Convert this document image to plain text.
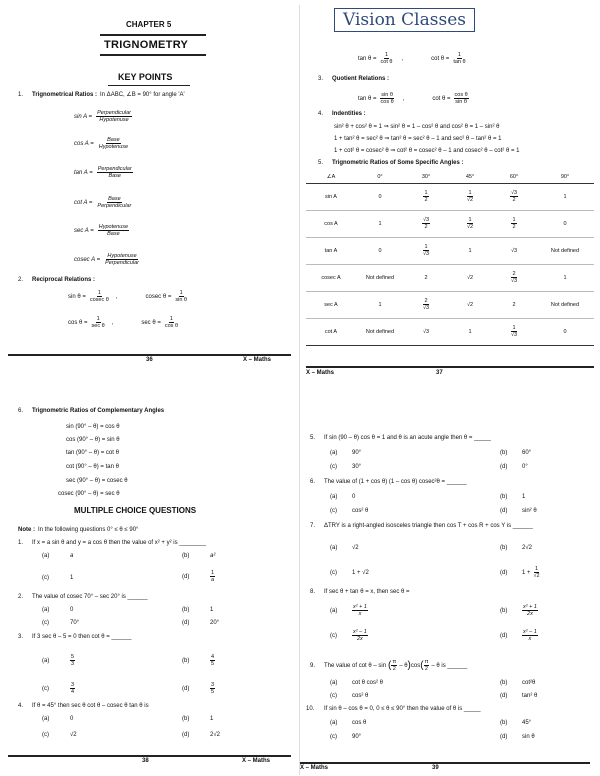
CHAPTER 5
TRIGNOMETRY
KEY POINTS
1.	Trignometrical Ratios : In ΔABC, ∠B = 90° for angle 'A'
$\sin A = \frac{\text{Perpendicular}}{\text{Hypotenuse}}$
$\cos A = \frac{\text{Base}}{\text{Hypotenuse}}$
$\tan A = \frac{\text{Perpendicular}}{\text{Base}}$
$\cot A = \frac{\text{Base}}{\text{Perpendicular}}$
$\sec A = \frac{\text{Hypotenuse}}{\text{Base}}$
cosec $A = \frac{\text{Hypotenuse}}{\text{Perpendicular}}$
2.	Reciprocal Relations :
$\sin \theta = \frac{1}{\text{cosec θ}}$ ,	cosec $\theta = \frac{1}{\text{sin θ}}$
$\cos \theta = \frac{1}{\text{sec θ}}$ ,	$\sec \theta = \frac{1}{\text{cos θ}}$
36	X – Maths
Vision Classes
$\tan \theta = \frac{1}{\text{cot θ}}$ ,	$\cot \theta = \frac{1}{\text{tan θ}}$
3.	Quotient Relations :
$\tan \theta = \frac{\text{sin θ}}{\text{cos θ}}$ ,	$\cot \theta = \frac{\text{cos θ}}{\text{sin θ}}$
4.	Indentities :
sin² θ + cos² θ = 1 ⇒ sin² θ = 1 – cos² θ and cos² θ = 1 – sin² θ
1 + tan² θ = sec² θ ⇒ tan² θ = sec² θ – 1 and sec² θ – tan² θ = 1
1 + cot² θ = cosec² θ ⇒ cot² θ = cosec² θ – 1 and cosec² θ – cot² θ = 1
5.	Trignometric Ratios of Some Specific Angles :
∠A	0°	30°	45°	60°	90°
sin A	0	$\frac{1}{2}$	$\frac{1}{√2}$	$\frac{√3}{2}$	1
cos A	1	$\frac{√3}{2}$	$\frac{1}{√2}$	$\frac{1}{2}$	0
tan A	0	$\frac{1}{√3}$	1	√3	Not defined
cosec A	Not defined	2	√2	$\frac{2}{√3}$	1
sec A	1	$\frac{2}{√3}$	√2	2	Not defined
cot A	Not defined	√3	1	$\frac{1}{√3}$	0
X – Maths	37
6.	Trignometric Ratios of Complementary Angles
sin (90° – θ) = cos θ
cos (90° – θ) = sin θ
tan (90° – θ) = cot θ
cot (90° – θ) = tan θ
sec (90° – θ) = cosec θ
cosec (90° – θ) = sec θ
MULTIPLE CHOICE QUESTIONS
Note : In the following questions 0° ≤ θ ≤ 90°
1.	If x = a sin θ and y = a cos θ then the value of x² + y² is ________
(a)	a	(b)	a²
(c)	1	(d)	$\frac{1}{a}$
2.	The value of cosec 70° – sec 20° is ______
(a)	0	(b)	1
(c)	70°	(d)	20°
3.	If 3 sec θ – 5 = 0 then cot θ = ______
(a)	$\frac{5}{3}$	(b)	$\frac{4}{5}$
(c)	$\frac{3}{4}$	(d)	$\frac{3}{5}$
4.	If θ = 45° then sec θ cot θ – cosec θ tan θ is
(a)	0	(b)	1
(c)	√2	(d)	2√2
38	X – Maths
5.	If sin (90 – θ) cos θ = 1 and θ is an acute angle then θ = _____
(a)	90°	(b)	60°
(c)	30°	(d)	0°
6.	The value of (1 + cos θ) (1 – cos θ) cosec²θ = ______
(a)	0	(b)	1
(c)	cos² θ	(d)	sin² θ
7.	ΔTRY is a right-angled isosceles triangle then cos T + cos R + cos Y is ______
(a)	√2	(b)	2√2
(c)	1 + √2	(d)	$1 + \frac{1}{√2}$
8.	If sec θ + tan θ = x, then sec θ =
(a)	$\frac{\text{x² + 1}}{x}$	(b)	$\frac{\text{x² + 1}}{2x}$
(c)	$\frac{\text{x² – 1}}{2x}$	(d)	$\frac{\text{x² – 1}}{x}$
9.	The value of cot θ – sin ( $\frac{\pi}{2}$ – θ ) cos ( $\frac{\pi}{2}$ – θ is ______
(a)	cot θ cos² θ	(b)	cot²θ
(c)	cos² θ	(d)	tan² θ
10.	If sin θ – cos θ = 0, 0 ≤ θ ≤ 90° then the value of θ is _____
(a)	cos θ	(b)	45°
(c)	90°	(d)	sin θ
X – Maths	39
